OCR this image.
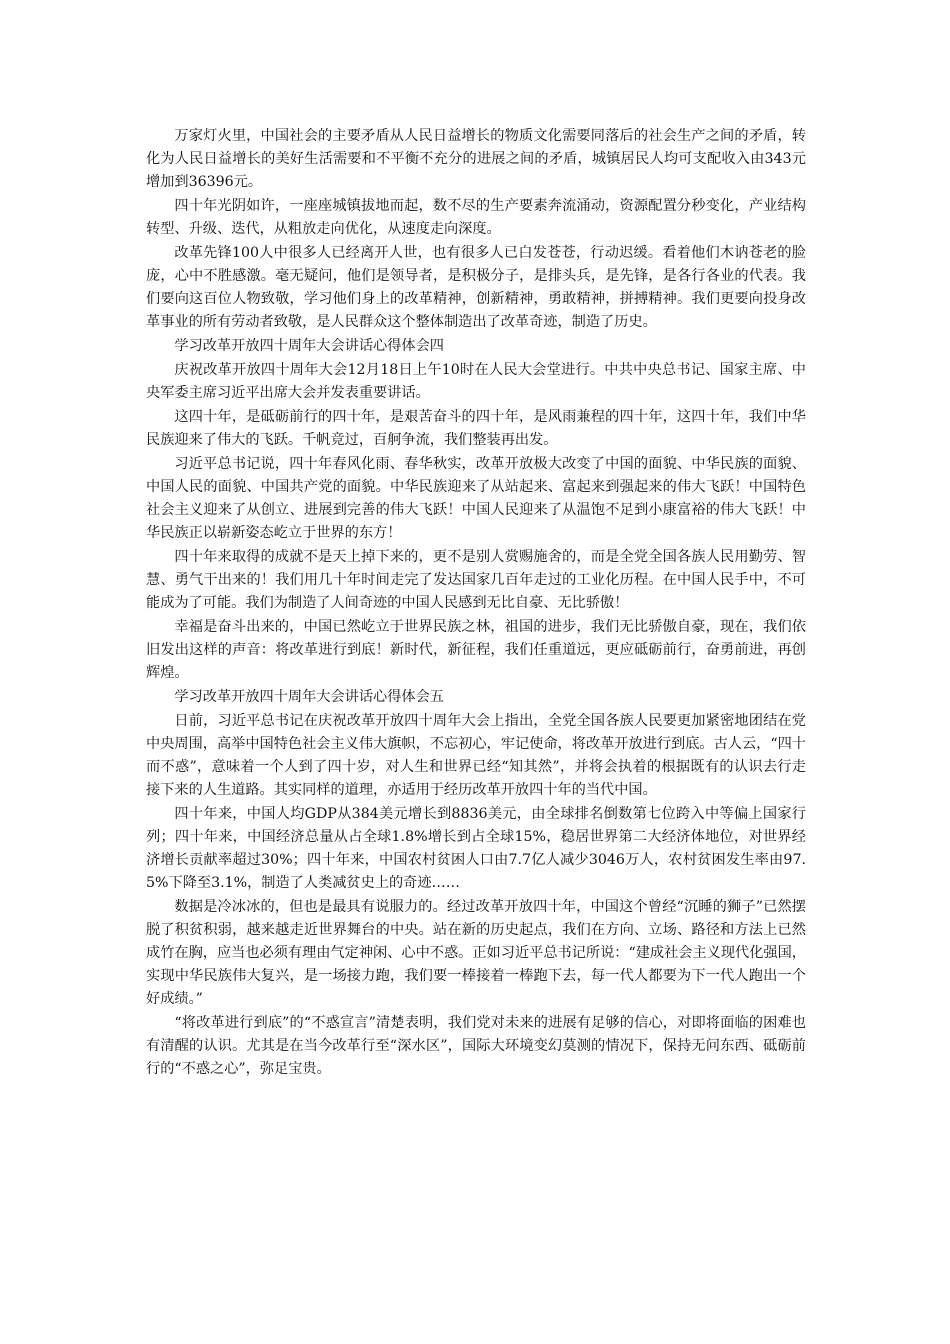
万家灯火里，中国社会的主要矛盾从人民日益增长的物质文化需要同落后的社会生产之间的矛盾，转化为人民日益增长的美好生活需要和不平衡不充分的进展之间的矛盾，城镇居民人均可支配收入由343元增加到36396元。

四十年光阴如许，一座座城镇拔地而起，数不尽的生产要素奔流涌动，资源配置分秒变化，产业结构转型、升级、迭代，从粗放走向优化，从速度走向深度。

改革先锋100人中很多人已经离开人世，也有很多人已白发苍苍，行动迟缓。看着他们木讷苍老的脸庞，心中不胜感激。毫无疑问，他们是领导者，是积极分子，是排头兵，是先锋，是各行各业的代表。我们要向这百位人物致敬，学习他们身上的改革精神，创新精神，勇敢精神，拼搏精神。我们更要向投身改革事业的所有劳动者致敬，是人民群众这个整体制造出了改革奇迹，制造了历史。

学习改革开放四十周年大会讲话心得体会四

庆祝改革开放四十周年大会12月18日上午10时在人民大会堂进行。中共中央总书记、国家主席、中央军委主席习近平出席大会并发表重要讲话。

这四十年，是砥砺前行的四十年，是艰苦奋斗的四十年，是风雨兼程的四十年，这四十年，我们中华民族迎来了伟大的飞跃。千帆竞过，百舸争流，我们整装再出发。

习近平总书记说，四十年春风化雨、春华秋实，改革开放极大改变了中国的面貌、中华民族的面貌、中国人民的面貌、中国共产党的面貌。中华民族迎来了从站起来、富起来到强起来的伟大飞跃！中国特色社会主义迎来了从创立、进展到完善的伟大飞跃！中国人民迎来了从温饱不足到小康富裕的伟大飞跃！中华民族正以崭新姿态屹立于世界的东方！

四十年来取得的成就不是天上掉下来的，更不是别人赏赐施舍的，而是全党全国各族人民用勤劳、智慧、勇气干出来的！我们用几十年时间走完了发达国家几百年走过的工业化历程。在中国人民手中，不可能成为了可能。我们为制造了人间奇迹的中国人民感到无比自豪、无比骄傲！

幸福是奋斗出来的，中国已然屹立于世界民族之林，祖国的进步，我们无比骄傲自豪，现在，我们依旧发出这样的声音：将改革进行到底！新时代，新征程，我们任重道远，更应砥砺前行，奋勇前进，再创辉煌。

学习改革开放四十周年大会讲话心得体会五

日前，习近平总书记在庆祝改革开放四十周年大会上指出，全党全国各族人民要更加紧密地团结在党中央周围，高举中国特色社会主义伟大旗帜，不忘初心，牢记使命，将改革开放进行到底。古人云，“四十而不惑”，意味着一个人到了四十岁，对人生和世界已经“知其然”，并将会执着的根据既有的认识去行走接下来的人生道路。其实同样的道理，亦适用于经历改革开放四十年的当代中国。

四十年来，中国人均GDP从384美元增长到8836美元，由全球排名倒数第七位跨入中等偏上国家行列；四十年来，中国经济总量从占全球1.8%增长到占全球15%，稳居世界第二大经济体地位，对世界经济增长贡献率超过30%；四十年来，中国农村贫困人口由7.7亿人减少3046万人，农村贫困发生率由97.5%下降至3.1%，制造了人类减贫史上的奇迹……

数据是冷冰冰的，但也是最具有说服力的。经过改革开放四十年，中国这个曾经“沉睡的狮子”已然摆脱了积贫积弱，越来越走近世界舞台的中央。站在新的历史起点，我们在方向、立场、路径和方法上已然成竹在胸，应当也必须有理由气定神闲、心中不惑。正如习近平总书记所说：“建成社会主义现代化强国，实现中华民族伟大复兴，是一场接力跑，我们要一棒接着一棒跑下去，每一代人都要为下一代人跑出一个好成绩。”

“将改革进行到底”的“不惑宣言”清楚表明，我们党对未来的进展有足够的信心，对即将面临的困难也有清醒的认识。尤其是在当今改革行至“深水区”，国际大环境变幻莫测的情况下，保持无问东西、砥砺前行的“不惑之心”，弥足宝贵。
